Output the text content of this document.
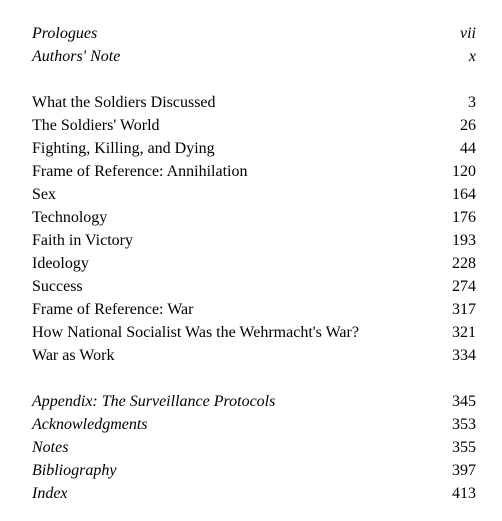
Prologues	vii
Authors' Note	x
What the Soldiers Discussed	3
The Soldiers' World	26
Fighting, Killing, and Dying	44
Frame of Reference: Annihilation	120
Sex	164
Technology	176
Faith in Victory	193
Ideology	228
Success	274
Frame of Reference: War	317
How National Socialist Was the Wehrmacht's War?	321
War as Work	334
Appendix: The Surveillance Protocols	345
Acknowledgments	353
Notes	355
Bibliography	397
Index	413
